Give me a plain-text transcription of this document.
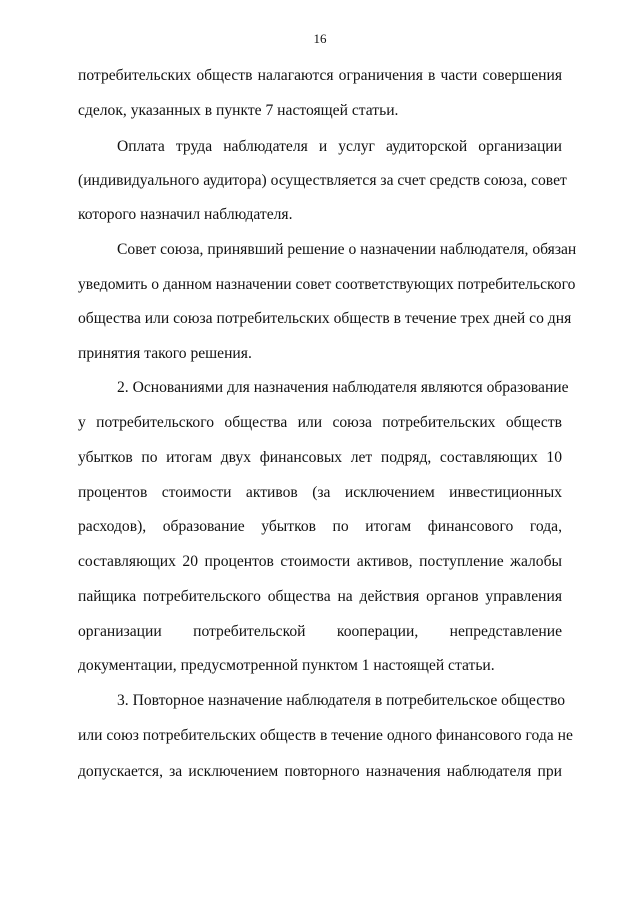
16
потребительских обществ налагаются ограничения в части совершения
сделок, указанных в пункте 7 настоящей статьи.
Оплата труда наблюдателя и услуг аудиторской организации
(индивидуального аудитора) осуществляется за счет средств союза, совет
которого назначил наблюдателя.
Совет союза, принявший решение о назначении наблюдателя, обязан
уведомить о данном назначении совет соответствующих потребительского
общества или союза потребительских обществ в течение трех дней со дня
принятия такого решения.
2. Основаниями для назначения наблюдателя являются образование
у потребительского общества или союза потребительских обществ
убытков по итогам двух финансовых лет подряд, составляющих 10
процентов стоимости активов (за исключением инвестиционных
расходов), образование убытков по итогам финансового года,
составляющих 20 процентов стоимости активов, поступление жалобы
пайщика потребительского общества на действия органов управления
организации потребительской кооперации, непредставление
документации, предусмотренной пунктом 1 настоящей статьи.
3. Повторное назначение наблюдателя в потребительское общество
или союз потребительских обществ в течение одного финансового года не
допускается, за исключением повторного назначения наблюдателя при
